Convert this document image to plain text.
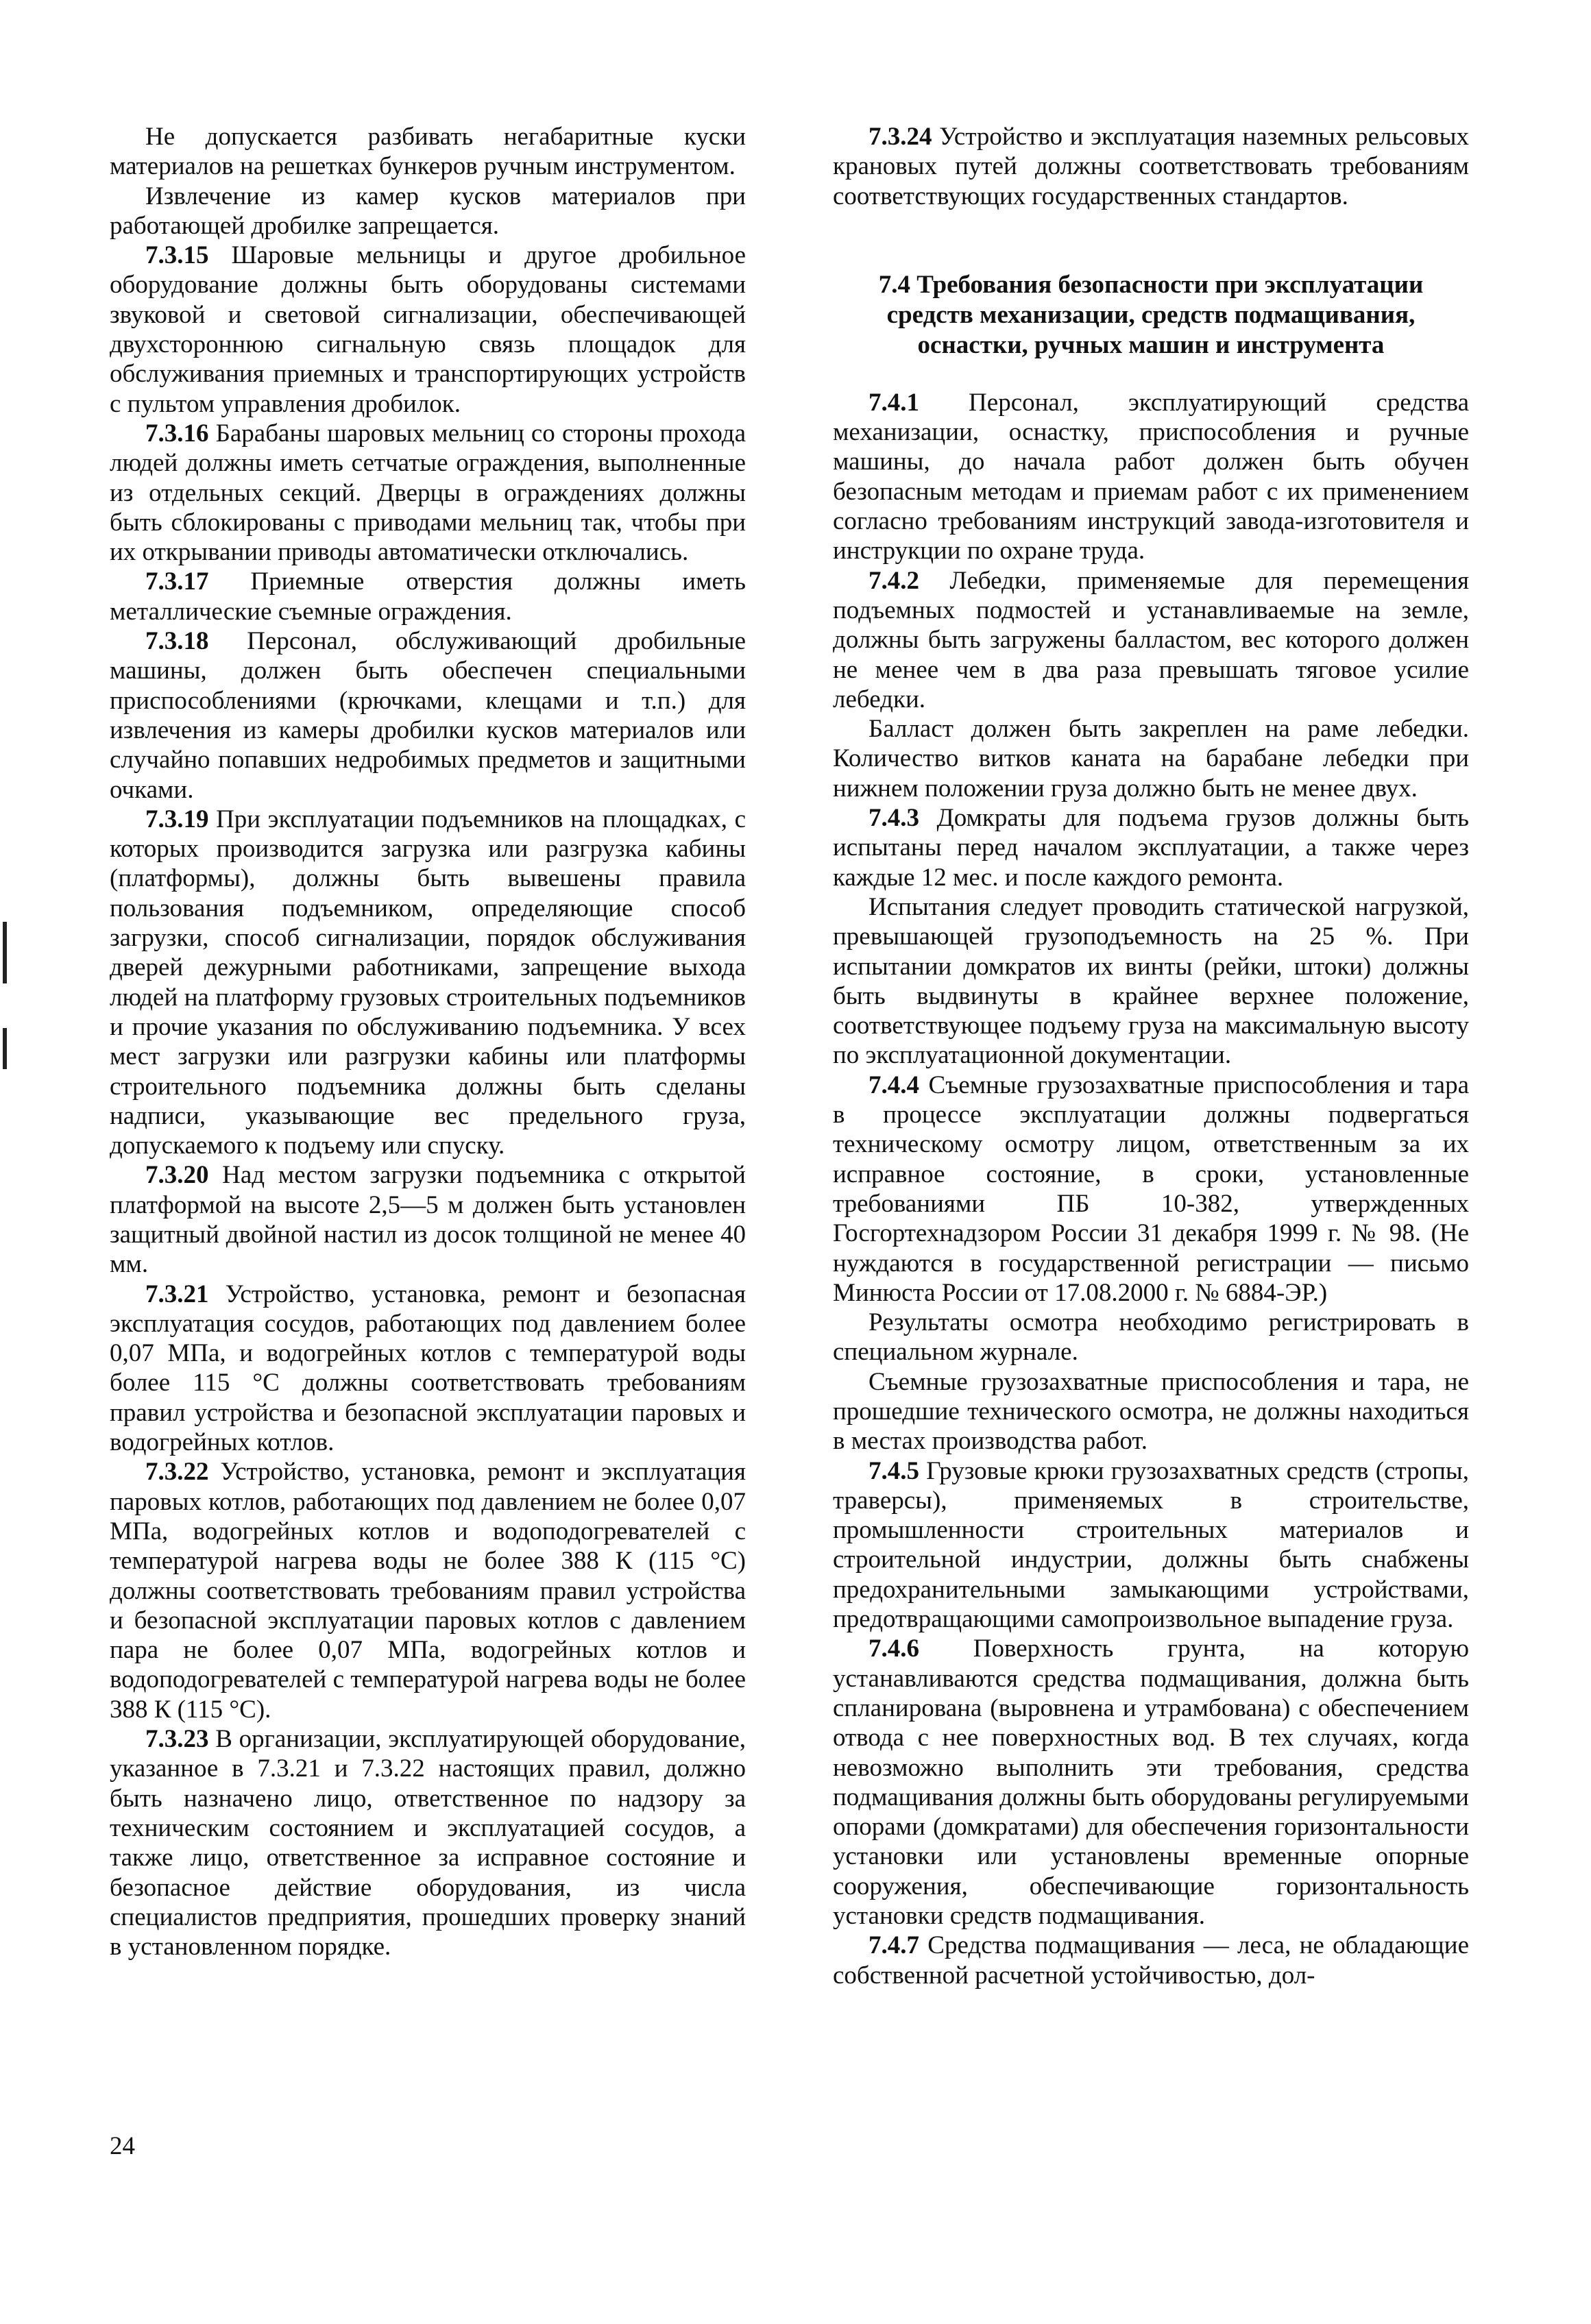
Не допускается разбивать негабаритные куски материалов на решетках бункеров ручным инструментом.

Извлечение из камер кусков материалов при работающей дробилке запрещается.

7.3.15 Шаровые мельницы и другое дробильное оборудование должны быть оборудованы системами звуковой и световой сигнализации, обеспечивающей двухстороннюю сигнальную связь площадок для обслуживания приемных и транспортирующих устройств с пультом управления дробилок.

7.3.16 Барабаны шаровых мельниц со стороны прохода людей должны иметь сетчатые ограждения, выполненные из отдельных секций. Дверцы в ограждениях должны быть сблокированы с приводами мельниц так, чтобы при их открывании приводы автоматически отключались.

7.3.17 Приемные отверстия должны иметь металлические съемные ограждения.

7.3.18 Персонал, обслуживающий дробильные машины, должен быть обеспечен специальными приспособлениями (крючками, клещами и т.п.) для извлечения из камеры дробилки кусков материалов или случайно попавших недробимых предметов и защитными очками.

7.3.19 При эксплуатации подъемников на площадках, с которых производится загрузка или разгрузка кабины (платформы), должны быть вывешены правила пользования подъемником, определяющие способ загрузки, способ сигнализации, порядок обслуживания дверей дежурными работниками, запрещение выхода людей на платформу грузовых строительных подъемников и прочие указания по обслуживанию подъемника. У всех мест загрузки или разгрузки кабины или платформы строительного подъемника должны быть сделаны надписи, указывающие вес предельного груза, допускаемого к подъему или спуску.

7.3.20 Над местом загрузки подъемника с открытой платформой на высоте 2,5—5 м должен быть установлен защитный двойной настил из досок толщиной не менее 40 мм.

7.3.21 Устройство, установка, ремонт и безопасная эксплуатация сосудов, работающих под давлением более 0,07 МПа, и водогрейных котлов с температурой воды более 115 °С должны соответствовать требованиям правил устройства и безопасной эксплуатации паровых и водогрейных котлов.

7.3.22 Устройство, установка, ремонт и эксплуатация паровых котлов, работающих под давлением не более 0,07 МПа, водогрейных котлов и водоподогревателей с температурой нагрева воды не более 388 К (115 °С) должны соответствовать требованиям правил устройства и безопасной эксплуатации паровых котлов с давлением пара не более 0,07 МПа, водогрейных котлов и водоподогревателей с температурой нагрева воды не более 388 К (115 °С).

7.3.23 В организации, эксплуатирующей оборудование, указанное в 7.3.21 и 7.3.22 настоящих правил, должно быть назначено лицо, ответственное по надзору за техническим состоянием и эксплуатацией сосудов, а также лицо, ответственное за исправное состояние и безопасное действие оборудования, из числа специалистов предприятия, прошедших проверку знаний в установленном порядке.

7.3.24 Устройство и эксплуатация наземных рельсовых крановых путей должны соответствовать требованиям соответствующих государственных стандартов.

7.4 Требования безопасности при эксплуатации средств механизации, средств подмащивания, оснастки, ручных машин и инструмента

7.4.1 Персонал, эксплуатирующий средства механизации, оснастку, приспособления и ручные машины, до начала работ должен быть обучен безопасным методам и приемам работ с их применением согласно требованиям инструкций завода-изготовителя и инструкции по охране труда.

7.4.2 Лебедки, применяемые для перемещения подъемных подмостей и устанавливаемые на земле, должны быть загружены балластом, вес которого должен не менее чем в два раза превышать тяговое усилие лебедки.

Балласт должен быть закреплен на раме лебедки. Количество витков каната на барабане лебедки при нижнем положении груза должно быть не менее двух.

7.4.3 Домкраты для подъема грузов должны быть испытаны перед началом эксплуатации, а также через каждые 12 мес. и после каждого ремонта.

Испытания следует проводить статической нагрузкой, превышающей грузоподъемность на 25 %. При испытании домкратов их винты (рейки, штоки) должны быть выдвинуты в крайнее верхнее положение, соответствующее подъему груза на максимальную высоту по эксплуатационной документации.

7.4.4 Съемные грузозахватные приспособления и тара в процессе эксплуатации должны подвергаться техническому осмотру лицом, ответственным за их исправное состояние, в сроки, установленные требованиями ПБ 10-382, утвержденных Госгортехнадзором России 31 декабря 1999 г. № 98. (Не нуждаются в государственной регистрации — письмо Минюста России от 17.08.2000 г. № 6884-ЭР.)

Результаты осмотра необходимо регистрировать в специальном журнале.

Съемные грузозахватные приспособления и тара, не прошедшие технического осмотра, не должны находиться в местах производства работ.

7.4.5 Грузовые крюки грузозахватных средств (стропы, траверсы), применяемых в строительстве, промышленности строительных материалов и строительной индустрии, должны быть снабжены предохранительными замыкающими устройствами, предотвращающими самопроизвольное выпадение груза.

7.4.6 Поверхность грунта, на которую устанавливаются средства подмащивания, должна быть спланирована (выровнена и утрамбована) с обеспечением отвода с нее поверхностных вод. В тех случаях, когда невозможно выполнить эти требования, средства подмащивания должны быть оборудованы регулируемыми опорами (домкратами) для обеспечения горизонтальности установки или установлены временные опорные сооружения, обеспечивающие горизонтальность установки средств подмащивания.

7.4.7 Средства подмащивания — леса, не обладающие собственной расчетной устойчивостью, дол-

24
